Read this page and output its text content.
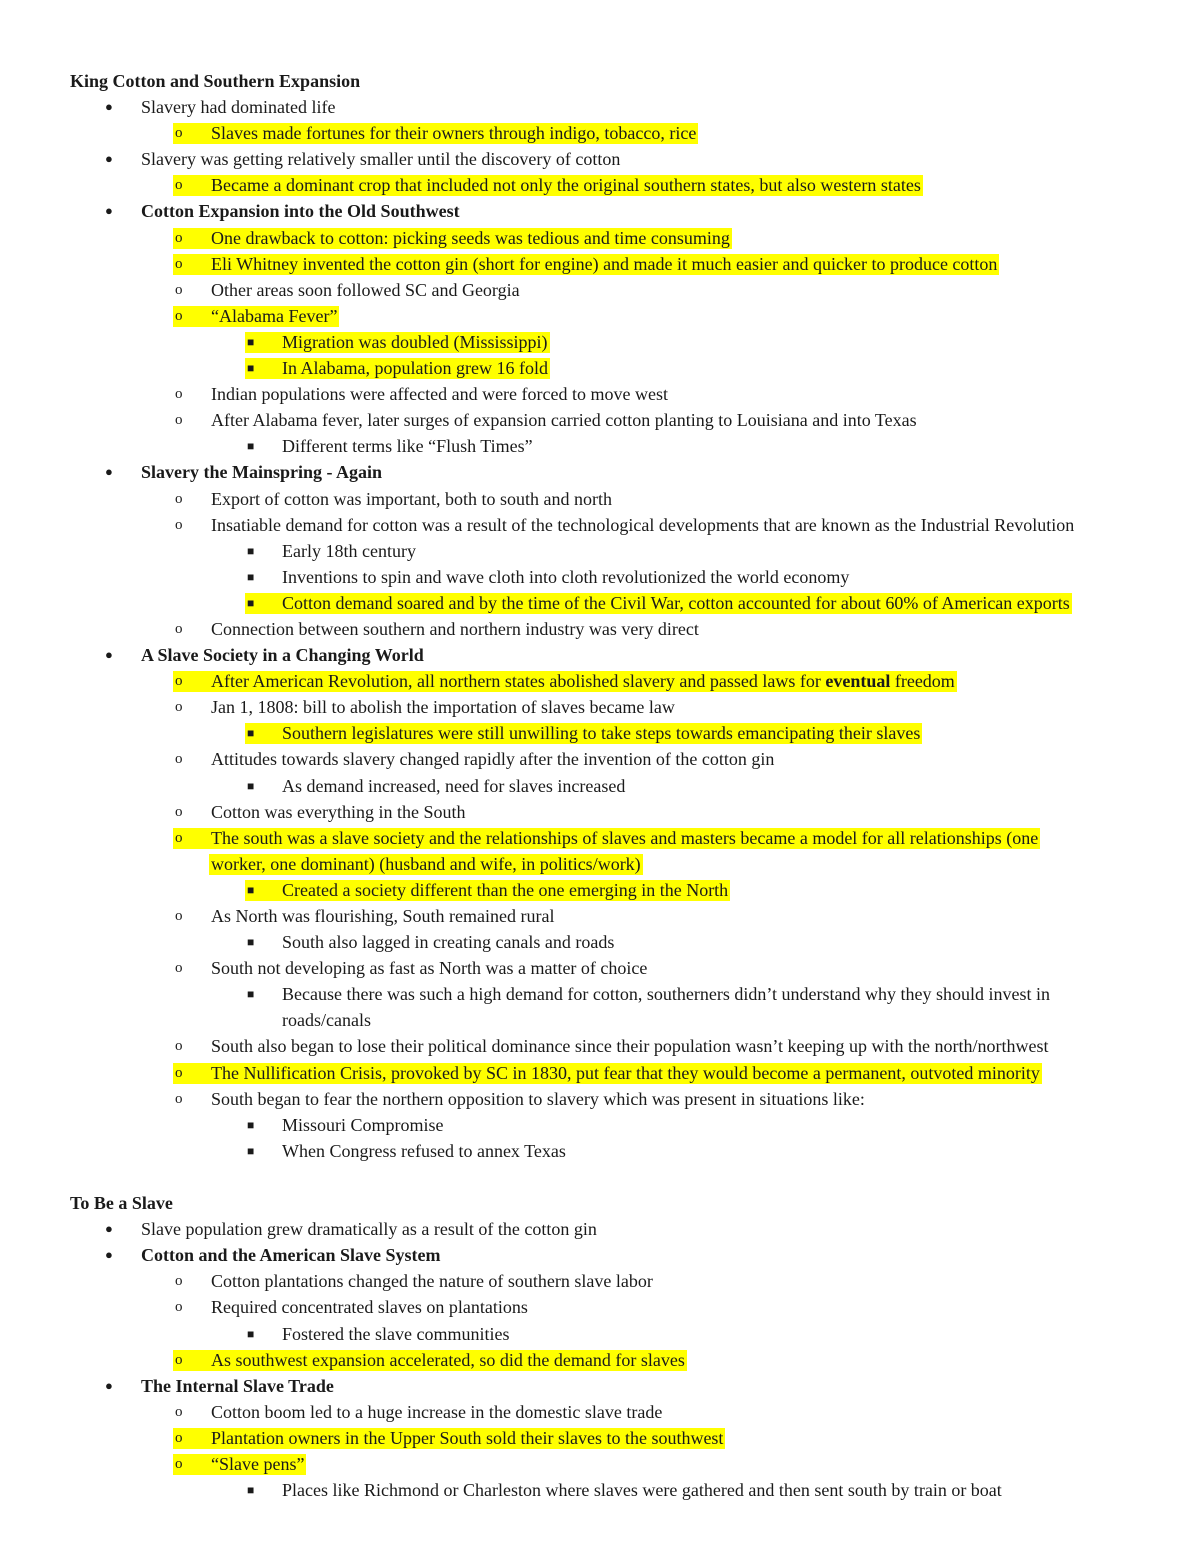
King Cotton and Southern Expansion
●	Slavery had dominated life
o	Slaves made fortunes for their owners through indigo, tobacco, rice
●	Slavery was getting relatively smaller until the discovery of cotton
o	Became a dominant crop that included not only the original southern states, but also western states
●	Cotton Expansion into the Old Southwest
o	One drawback to cotton: picking seeds was tedious and time consuming
o	Eli Whitney invented the cotton gin (short for engine) and made it much easier and quicker to produce cotton
o	Other areas soon followed SC and Georgia
o	“Alabama Fever”
■	Migration was doubled (Mississippi)
■	In Alabama, population grew 16 fold
o	Indian populations were affected and were forced to move west
o	After Alabama fever, later surges of expansion carried cotton planting to Louisiana and into Texas
■	Different terms like “Flush Times”
●	Slavery the Mainspring - Again
o	Export of cotton was important, both to south and north
o	Insatiable demand for cotton was a result of the technological developments that are known as the Industrial Revolution
■	Early 18th century
■	Inventions to spin and wave cloth into cloth revolutionized the world economy
■	Cotton demand soared and by the time of the Civil War, cotton accounted for about 60% of American exports
o	Connection between southern and northern industry was very direct
●	A Slave Society in a Changing World
o	After American Revolution, all northern states abolished slavery and passed laws for eventual freedom
o	Jan 1, 1808: bill to abolish the importation of slaves became law
■	Southern legislatures were still unwilling to take steps towards emancipating their slaves
o	Attitudes towards slavery changed rapidly after the invention of the cotton gin
■	As demand increased, need for slaves increased
o	Cotton was everything in the South
o	The south was a slave society and the relationships of slaves and masters became a model for all relationships (one
worker, one dominant) (husband and wife, in politics/work)
■	Created a society different than the one emerging in the North
o	As North was flourishing, South remained rural
■	South also lagged in creating canals and roads
o	South not developing as fast as North was a matter of choice
■	Because there was such a high demand for cotton, southerners didn’t understand why they should invest in
roads/canals
o	South also began to lose their political dominance since their population wasn’t keeping up with the north/northwest
o	The Nullification Crisis, provoked by SC in 1830, put fear that they would become a permanent, outvoted minority
o	South began to fear the northern opposition to slavery which was present in situations like:
■	Missouri Compromise
■	When Congress refused to annex Texas
To Be a Slave
●	Slave population grew dramatically as a result of the cotton gin
●	Cotton and the American Slave System
o	Cotton plantations changed the nature of southern slave labor
o	Required concentrated slaves on plantations
■	Fostered the slave communities
o	As southwest expansion accelerated, so did the demand for slaves
●	The Internal Slave Trade
o	Cotton boom led to a huge increase in the domestic slave trade
o	Plantation owners in the Upper South sold their slaves to the southwest
o	“Slave pens”
■	Places like Richmond or Charleston where slaves were gathered and then sent south by train or boat
